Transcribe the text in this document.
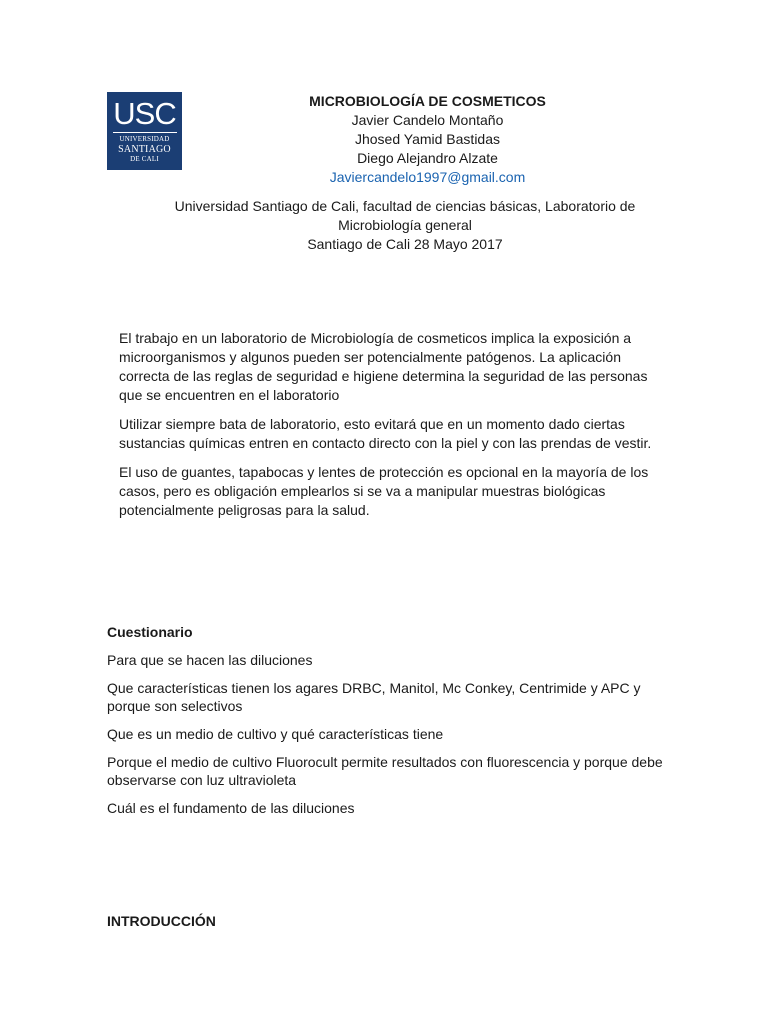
USC
UNIVERSIDAD
SANTIAGO
DE CALI
MICROBIOLOGÍA DE COSMETICOS
Javier Candelo Montaño
Jhosed Yamid Bastidas
Diego Alejandro Alzate
Javiercandelo1997@gmail.com
Universidad Santiago de Cali, facultad de ciencias básicas, Laboratorio de
Microbiología general
Santiago de Cali 28 Mayo 2017

El trabajo en un laboratorio de Microbiología de cosmeticos implica la exposición a microorganismos y algunos pueden ser potencialmente patógenos. La aplicación correcta de las reglas de seguridad e higiene determina la seguridad de las personas que se encuentren en el laboratorio

Utilizar siempre bata de laboratorio, esto evitará que en un momento dado ciertas sustancias químicas entren en contacto directo con la piel y con las prendas de vestir.

El uso de guantes, tapabocas y lentes de protección es opcional en la mayoría de los casos, pero es obligación emplearlos si se va a manipular muestras biológicas potencialmente peligrosas para la salud.

Cuestionario

Para que se hacen las diluciones

Que características tienen los agares DRBC, Manitol, Mc Conkey, Centrimide y APC y porque son selectivos

Que es un medio de cultivo y qué características tiene

Porque el medio de cultivo Fluorocult permite resultados con fluorescencia y porque debe observarse con luz ultravioleta

Cuál es el fundamento de las diluciones

INTRODUCCIÓN
